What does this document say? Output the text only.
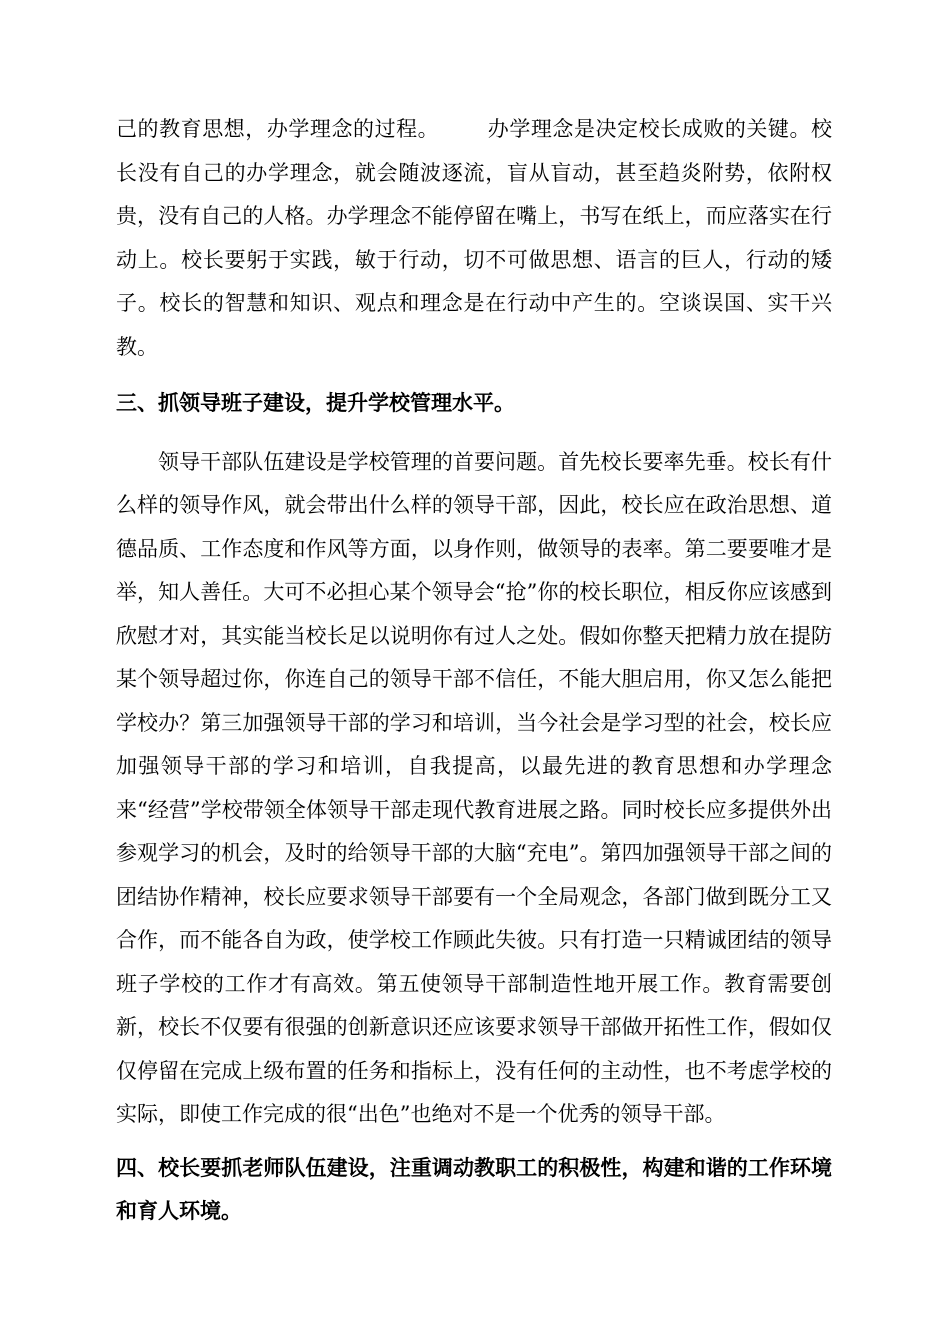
己的教育思想，办学理念的过程。 办学理念是决定校长成败的关键。校长没有自己的办学理念，就会随波逐流，盲从盲动，甚至趋炎附势，依附权贵，没有自己的人格。办学理念不能停留在嘴上，书写在纸上，而应落实在行动上。校长要躬于实践，敏于行动，切不可做思想、语言的巨人，行动的矮子。校长的智慧和知识、观点和理念是在行动中产生的。空谈误国、实干兴教。

三、抓领导班子建设，提升学校管理水平。

领导干部队伍建设是学校管理的首要问题。首先校长要率先垂。校长有什么样的领导作风，就会带出什么样的领导干部，因此，校长应在政治思想、道德品质、工作态度和作风等方面，以身作则，做领导的表率。第二要要唯才是举，知人善任。大可不必担心某个领导会“抢”你的校长职位，相反你应该感到欣慰才对，其实能当校长足以说明你有过人之处。假如你整天把精力放在提防某个领导超过你，你连自己的领导干部不信任，不能大胆启用，你又怎么能把学校办？第三加强领导干部的学习和培训，当今社会是学习型的社会，校长应加强领导干部的学习和培训，自我提高，以最先进的教育思想和办学理念来“经营”学校带领全体领导干部走现代教育进展之路。同时校长应多提供外出参观学习的机会，及时的给领导干部的大脑“充电”。第四加强领导干部之间的团结协作精神，校长应要求领导干部要有一个全局观念，各部门做到既分工又合作，而不能各自为政，使学校工作顾此失彼。只有打造一只精诚团结的领导班子学校的工作才有高效。第五使领导干部制造性地开展工作。教育需要创新，校长不仅要有很强的创新意识还应该要求领导干部做开拓性工作，假如仅仅停留在完成上级布置的任务和指标上，没有任何的主动性，也不考虑学校的实际，即使工作完成的很“出色”也绝对不是一个优秀的领导干部。

四、校长要抓老师队伍建设，注重调动教职工的积极性，构建和谐的工作环境和育人环境。
